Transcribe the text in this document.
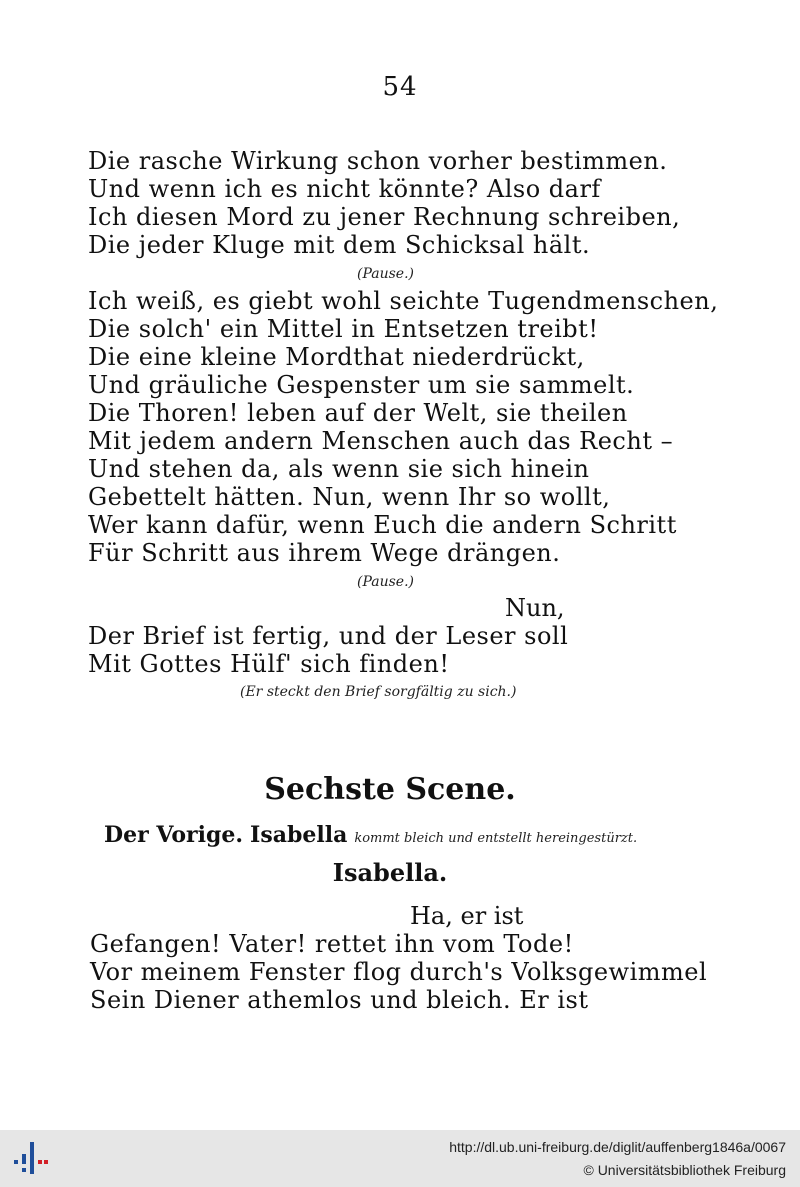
54
Die rasche Wirkung schon vorher bestimmen.
Und wenn ich es nicht könnte? Also darf
Ich diesen Mord zu jener Rechnung schreiben,
Die jeder Kluge mit dem Schicksal hält.
(Pause.)
Ich weiß, es giebt wohl seichte Tugendmenschen,
Die solch' ein Mittel in Entsetzen treibt!
Die eine kleine Mordthat niederdrückt,
Und gräuliche Gespenster um sie sammelt.
Die Thoren! leben auf der Welt, sie theilen
Mit jedem andern Menschen auch das Recht –
Und stehen da, als wenn sie sich hinein
Gebettelt hätten. Nun, wenn Ihr so wollt,
Wer kann dafür, wenn Euch die andern Schritt
Für Schritt aus ihrem Wege drängen.
(Pause.)
Nun,
Der Brief ist fertig, und der Leser soll
Mit Gottes Hülf' sich finden!
(Er steckt den Brief sorgfältig zu sich.)
Sechste Scene.
Der Vorige. Isabella kommt bleich und entstellt hereingestürzt.
Isabella.
Ha, er ist
Gefangen! Vater! rettet ihn vom Tode!
Vor meinem Fenster flog durch's Volksgewimmel
Sein Diener athemlos und bleich. Er ist
http://dl.ub.uni-freiburg.de/diglit/auffenberg1846a/0067
© Universitätsbibliothek Freiburg
